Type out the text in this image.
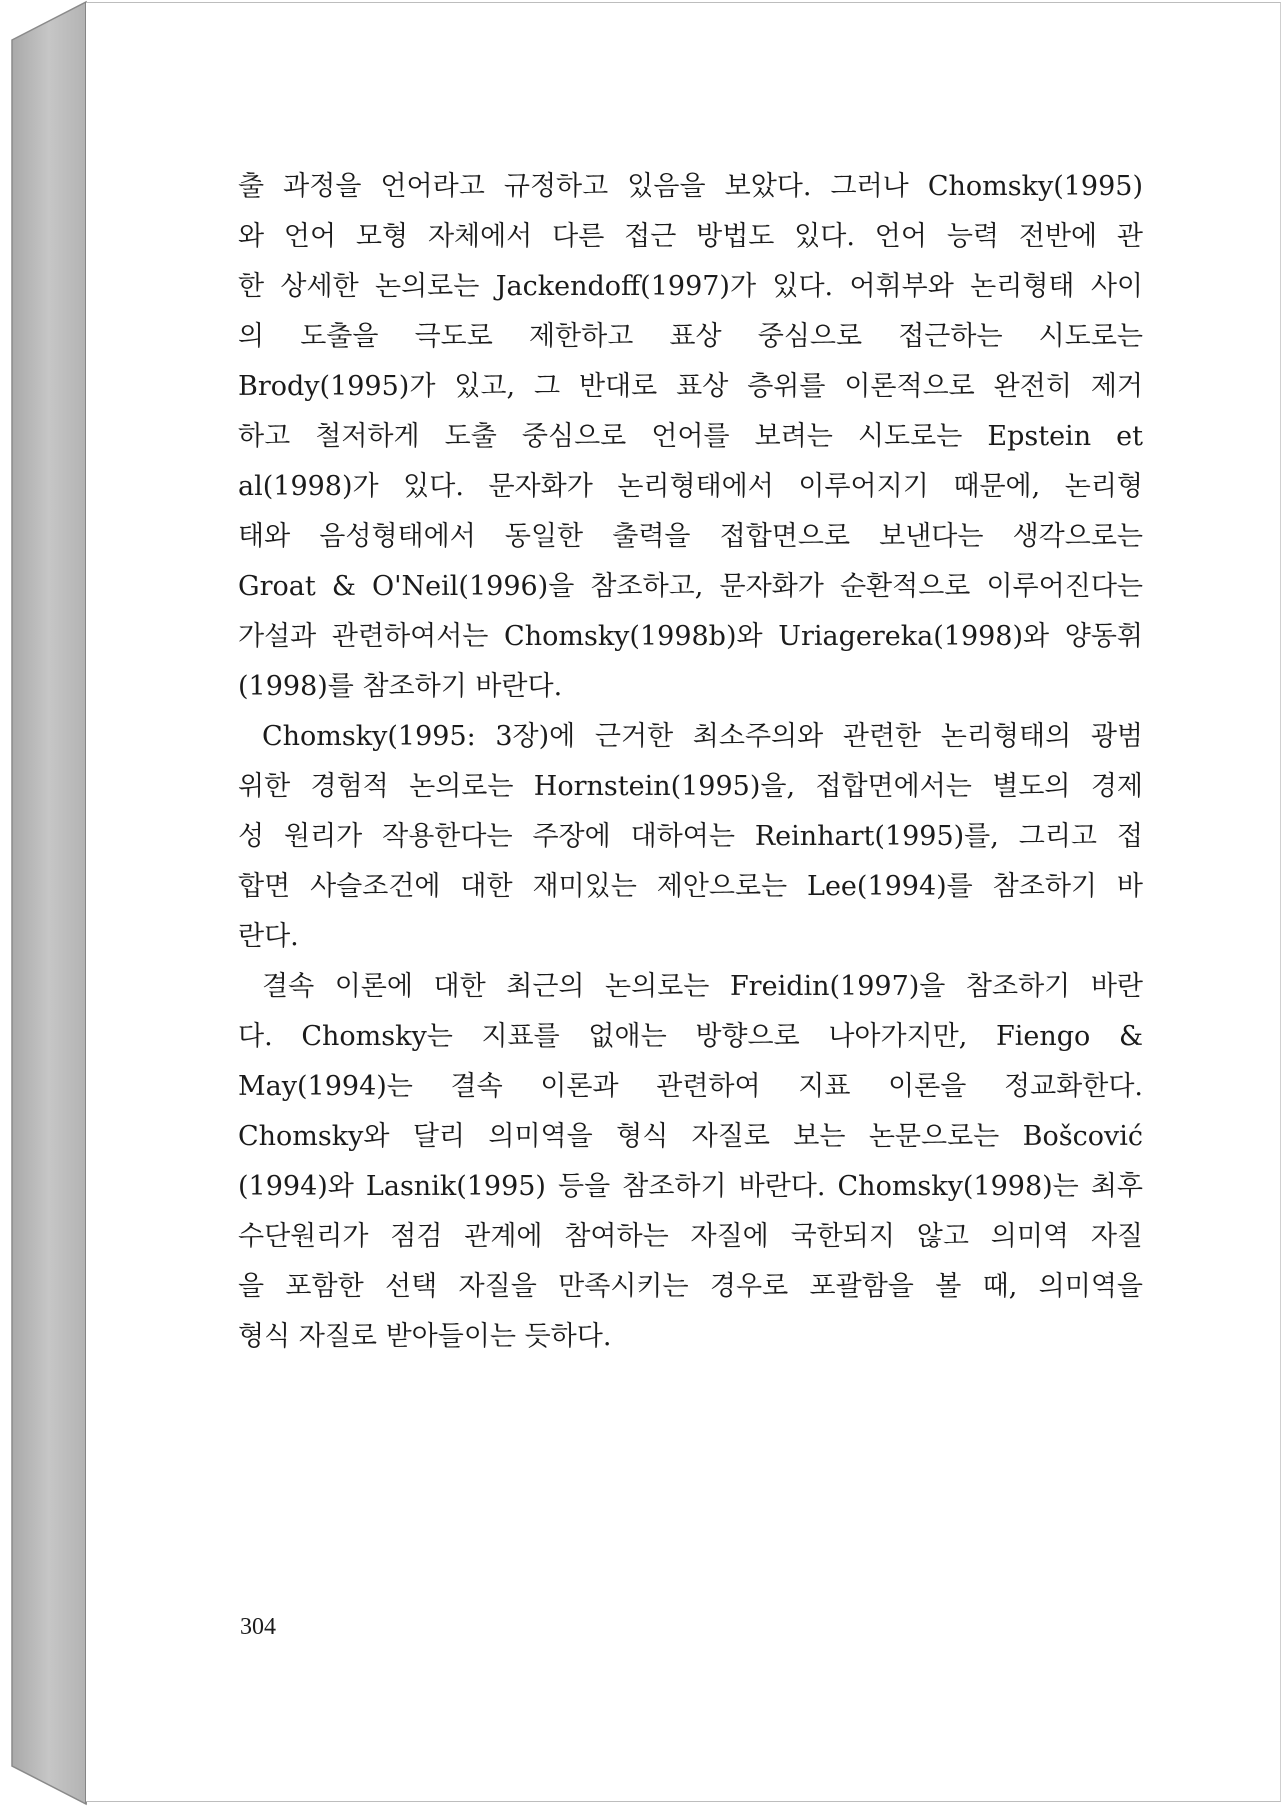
출 과정을 언어라고 규정하고 있음을 보았다. 그러나 Chomsky(1995)
와 언어 모형 자체에서 다른 접근 방법도 있다. 언어 능력 전반에 관
한 상세한 논의로는 Jackendoff(1997)가 있다. 어휘부와 논리형태 사이
의 도출을 극도로 제한하고 표상 중심으로 접근하는 시도로는
Brody(1995)가 있고, 그 반대로 표상 층위를 이론적으로 완전히 제거
하고 철저하게 도출 중심으로 언어를 보려는 시도로는 Epstein et
al(1998)가 있다. 문자화가 논리형태에서 이루어지기 때문에, 논리형
태와 음성형태에서 동일한 출력을 접합면으로 보낸다는 생각으로는
Groat & O'Neil(1996)을 참조하고, 문자화가 순환적으로 이루어진다는
가설과 관련하여서는 Chomsky(1998b)와 Uriagereka(1998)와 양동휘
(1998)를 참조하기 바란다.
Chomsky(1995: 3장)에 근거한 최소주의와 관련한 논리형태의 광범
위한 경험적 논의로는 Hornstein(1995)을, 접합면에서는 별도의 경제
성 원리가 작용한다는 주장에 대하여는 Reinhart(1995)를, 그리고 접
합면 사슬조건에 대한 재미있는 제안으로는 Lee(1994)를 참조하기 바
란다.
결속 이론에 대한 최근의 논의로는 Freidin(1997)을 참조하기 바란
다. Chomsky는 지표를 없애는 방향으로 나아가지만, Fiengo &
May(1994)는 결속 이론과 관련하여 지표 이론을 정교화한다.
Chomsky와 달리 의미역을 형식 자질로 보는 논문으로는 Bošcović
(1994)와 Lasnik(1995) 등을 참조하기 바란다. Chomsky(1998)는 최후
수단원리가 점검 관계에 참여하는 자질에 국한되지 않고 의미역 자질
을 포함한 선택 자질을 만족시키는 경우로 포괄함을 볼 때, 의미역을
형식 자질로 받아들이는 듯하다.
304
